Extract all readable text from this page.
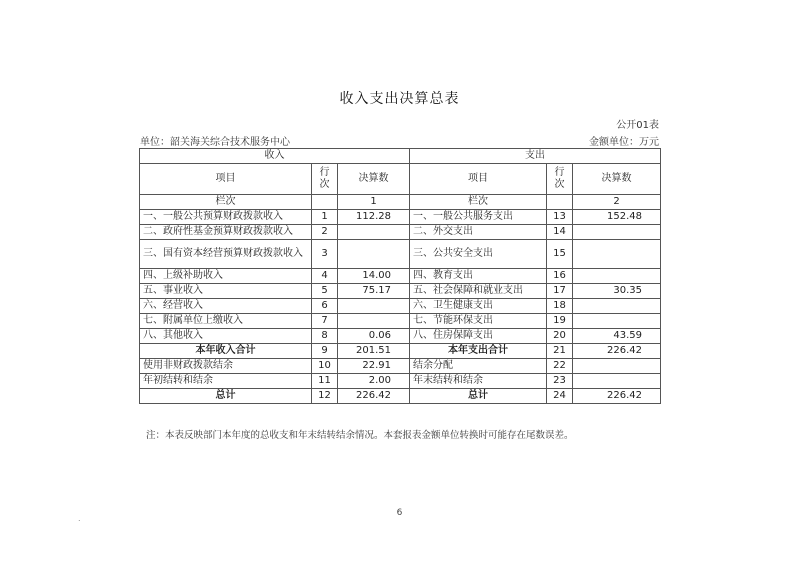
收入支出决算总表
公开01表
单位：韶关海关综合技术服务中心	金额单位：万元
收入			支出		
项目	行次	决算数	项目	行次	决算数
栏次		1	栏次		2
一、一般公共预算财政拨款收入	1	112.28	一、一般公共服务支出	13	152.48
二、政府性基金预算财政拨款收入	2		二、外交支出	14	
三、国有资本经营预算财政拨款收入	3		三、公共安全支出	15	
四、上级补助收入	4	14.00	四、教育支出	16	
五、事业收入	5	75.17	五、社会保障和就业支出	17	30.35
六、经营收入	6		六、卫生健康支出	18	
七、附属单位上缴收入	7		七、节能环保支出	19	
八、其他收入	8	0.06	八、住房保障支出	20	43.59
本年收入合计	9	201.51	本年支出合计	21	226.42
使用非财政拨款结余	10	22.91	结余分配	22	
年初结转和结余	11	2.00	年末结转和结余	23	
总计	12	226.42	总计	24	226.42
注：本表反映部门本年度的总收支和年末结转结余情况。本套报表金额单位转换时可能存在尾数误差。
.
6
